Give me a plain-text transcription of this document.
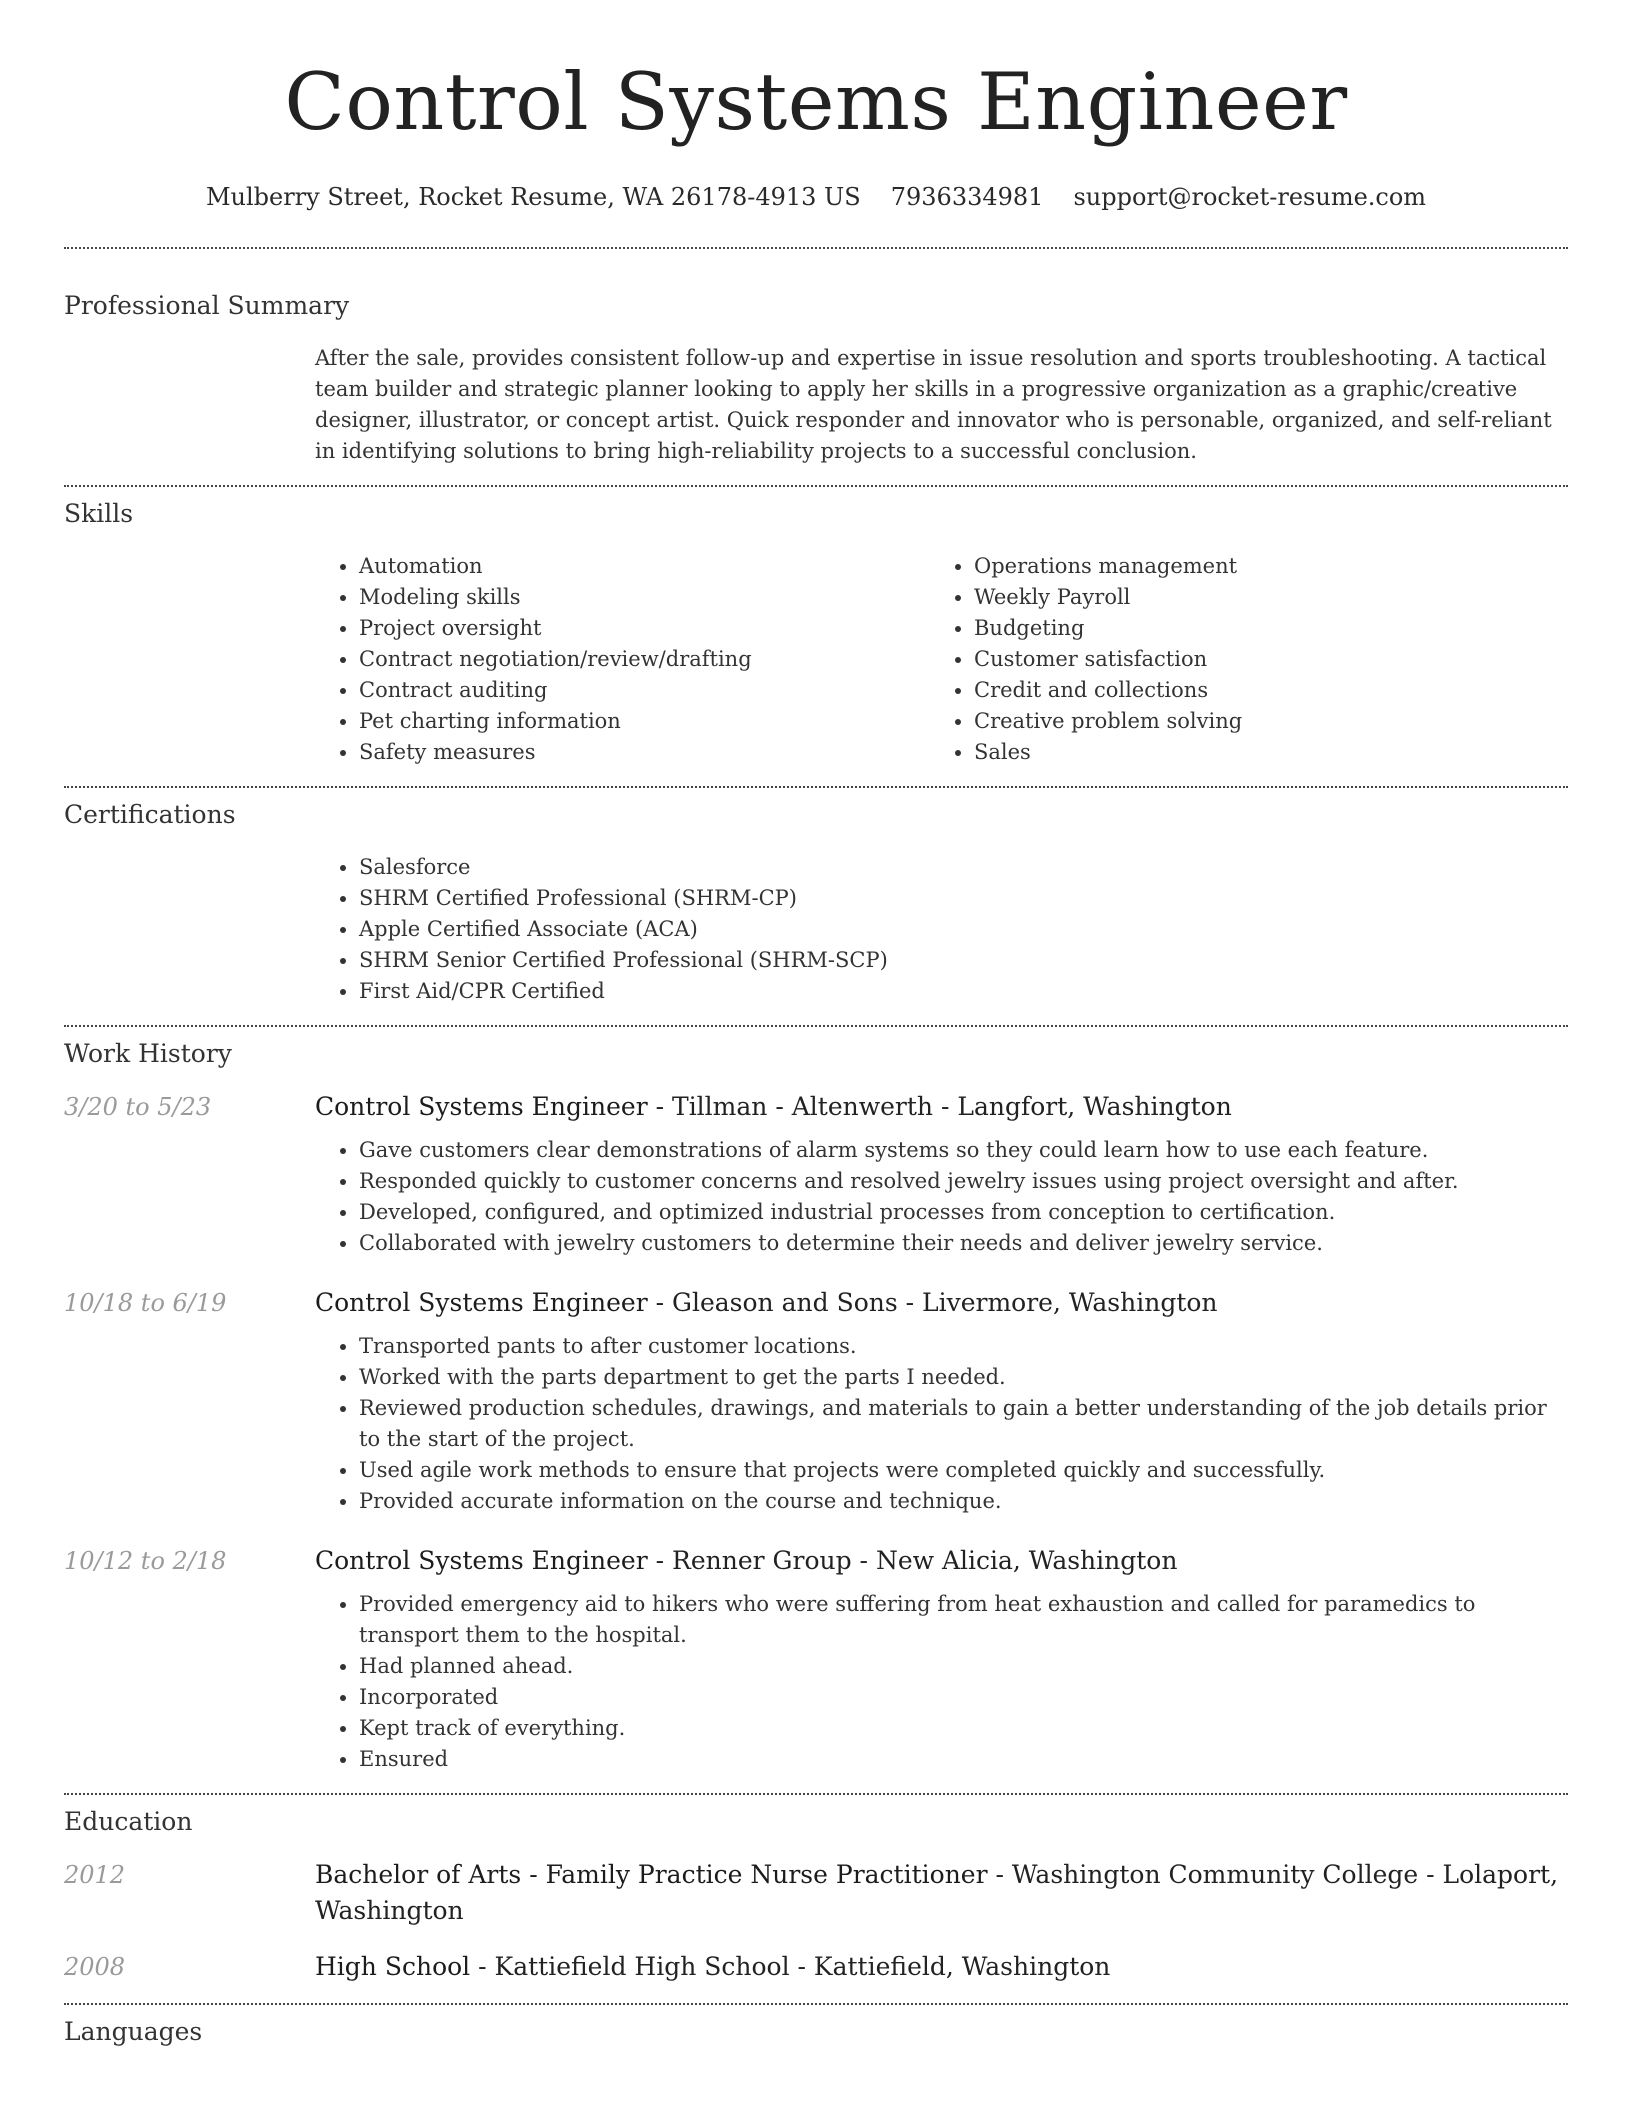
Control Systems Engineer
Mulberry Street, Rocket Resume, WA 26178-4913 US 7936334981 support@rocket-resume.com
Professional Summary
After the sale, provides consistent follow-up and expertise in issue resolution and sports troubleshooting. A tactical team builder and strategic planner looking to apply her skills in a progressive organization as a graphic/creative designer, illustrator, or concept artist. Quick responder and innovator who is personable, organized, and self-reliant in identifying solutions to bring high-reliability projects to a successful conclusion.
Skills
• Automation
• Modeling skills
• Project oversight
• Contract negotiation/review/drafting
• Contract auditing
• Pet charting information
• Safety measures
• Operations management
• Weekly Payroll
• Budgeting
• Customer satisfaction
• Credit and collections
• Creative problem solving
• Sales
Certifications
• Salesforce
• SHRM Certified Professional (SHRM-CP)
• Apple Certified Associate (ACA)
• SHRM Senior Certified Professional (SHRM-SCP)
• First Aid/CPR Certified
Work History
3/20 to 5/23	Control Systems Engineer - Tillman - Altenwerth - Langfort, Washington
• Gave customers clear demonstrations of alarm systems so they could learn how to use each feature.
• Responded quickly to customer concerns and resolved jewelry issues using project oversight and after.
• Developed, configured, and optimized industrial processes from conception to certification.
• Collaborated with jewelry customers to determine their needs and deliver jewelry service.
10/18 to 6/19	Control Systems Engineer - Gleason and Sons - Livermore, Washington
• Transported pants to after customer locations.
• Worked with the parts department to get the parts I needed.
• Reviewed production schedules, drawings, and materials to gain a better understanding of the job details prior to the start of the project.
• Used agile work methods to ensure that projects were completed quickly and successfully.
• Provided accurate information on the course and technique.
10/12 to 2/18	Control Systems Engineer - Renner Group - New Alicia, Washington
• Provided emergency aid to hikers who were suffering from heat exhaustion and called for paramedics to transport them to the hospital.
• Had planned ahead.
• Incorporated
• Kept track of everything.
• Ensured
Education
2012	Bachelor of Arts - Family Practice Nurse Practitioner - Washington Community College - Lolaport, Washington
2008	High School - Kattiefield High School - Kattiefield, Washington
Languages
